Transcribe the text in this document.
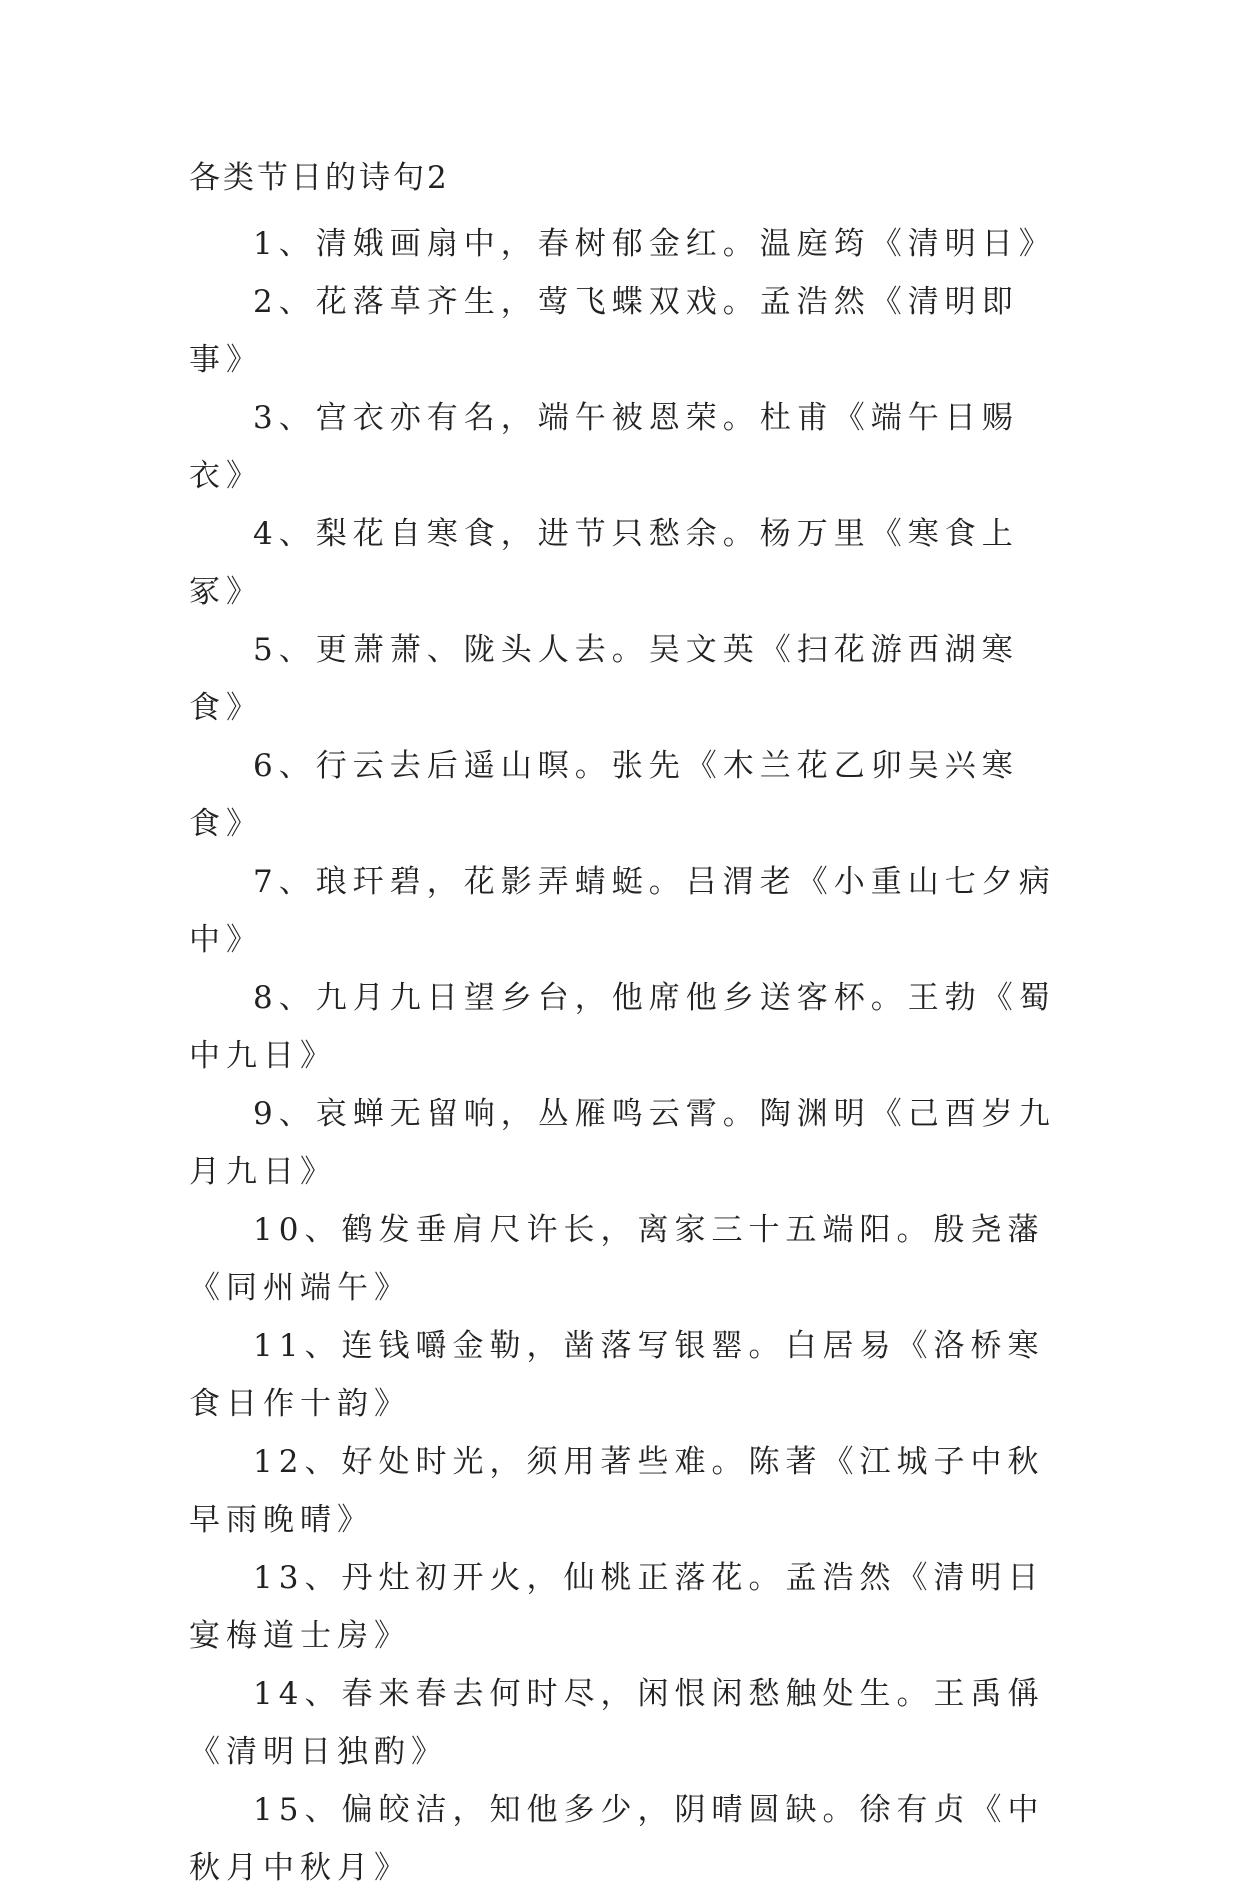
各类节日的诗句2

1、清娥画扇中，春树郁金红。温庭筠《清明日》

2、花落草齐生，莺飞蝶双戏。孟浩然《清明即事》

3、宫衣亦有名，端午被恩荣。杜甫《端午日赐衣》

4、梨花自寒食，进节只愁余。杨万里《寒食上冢》

5、更萧萧、陇头人去。吴文英《扫花游西湖寒食》

6、行云去后遥山暝。张先《木兰花乙卯吴兴寒食》

7、琅玕碧，花影弄蜻蜓。吕渭老《小重山七夕病中》

8、九月九日望乡台，他席他乡送客杯。王勃《蜀中九日》

9、哀蝉无留响，丛雁鸣云霄。陶渊明《己酉岁九月九日》

10、鹤发垂肩尺许长，离家三十五端阳。殷尧藩《同州端午》

11、连钱嚼金勒，凿落写银罂。白居易《洛桥寒食日作十韵》

12、好处时光，须用著些难。陈著《江城子中秋早雨晚晴》

13、丹灶初开火，仙桃正落花。孟浩然《清明日宴梅道士房》

14、春来春去何时尽，闲恨闲愁触处生。王禹偁《清明日独酌》

15、偏皎洁，知他多少，阴晴圆缺。徐有贞《中秋月中秋月》
